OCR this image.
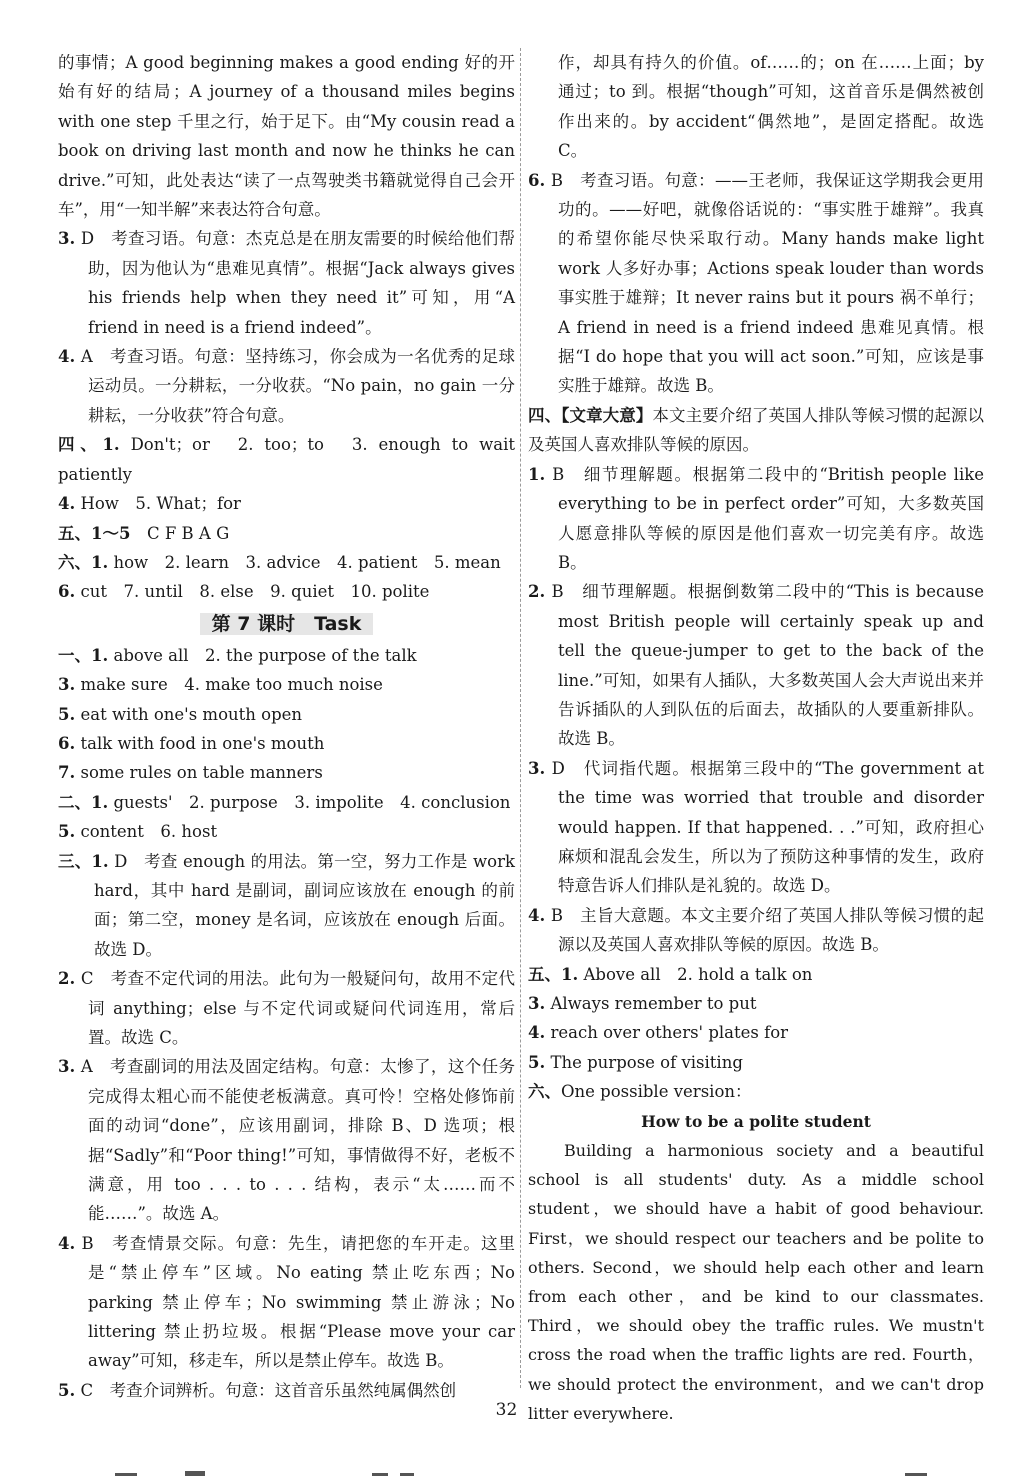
的事情；A good beginning makes a good ending 好的开始有好的结局；A journey of a thousand miles begins with one step 千里之行，始于足下。由“My cousin read a book on driving last month and now he thinks he can drive.”可知，此处表达“读了一点驾驶类书籍就觉得自己会开车”，用“一知半解”来表达符合句意。

3. D　考查习语。句意：杰克总是在朋友需要的时候给他们帮助，因为他认为“患难见真情”。根据“Jack always gives his friends help when they need it”可知，用“A friend in need is a friend indeed”。

4. A　考查习语。句意：坚持练习，你会成为一名优秀的足球运动员。一分耕耘，一分收获。“No pain，no gain 一分耕耘，一分收获”符合句意。

四、1. Don't；or　2. too；to　3. enough to wait patiently

4. How　5. What；for

五、1～5　C F B A G

六、1. how　2. learn　3. advice　4. patient　5. mean

6. cut　7. until　8. else　9. quiet　10. polite

第 7 课时　Task

一、1. above all　2. the purpose of the talk

3. make sure　4. make too much noise

5. eat with one's mouth open

6. talk with food in one's mouth

7. some rules on table manners

二、1. guests'　2. purpose　3. impolite　4. conclusion

5. content　6. host

三、1. D　考查 enough 的用法。第一空，努力工作是 work hard，其中 hard 是副词，副词应该放在 enough 的前面；第二空，money 是名词，应该放在 enough 后面。故选 D。

2. C　考查不定代词的用法。此句为一般疑问句，故用不定代词 anything；else 与不定代词或疑问代词连用，常后置。故选 C。

3. A　考查副词的用法及固定结构。句意：太惨了，这个任务完成得太粗心而不能使老板满意。真可怜！空格处修饰前面的动词“done”，应该用副词，排除 B、D 选项；根据“Sadly”和“Poor thing!”可知，事情做得不好，老板不满意，用 too . . . to . . . 结构，表示“太……而不能……”。故选 A。

4. B　考查情景交际。句意：先生，请把您的车开走。这里是“禁止停车”区域。No eating 禁止吃东西；No parking 禁止停车；No swimming 禁止游泳；No littering 禁止扔垃圾。根据“Please move your car away”可知，移走车，所以是禁止停车。故选 B。

5. C　考查介词辨析。句意：这首音乐虽然纯属偶然创

作，却具有持久的价值。of……的；on 在……上面；by 通过；to 到。根据“though”可知，这首音乐是偶然被创作出来的。by accident“偶然地”，是固定搭配。故选 C。

6. B　考查习语。句意：——王老师，我保证这学期我会更用功的。——好吧，就像俗话说的：“事实胜于雄辩”。我真的希望你能尽快采取行动。Many hands make light work 人多好办事；Actions speak louder than words 事实胜于雄辩；It never rains but it pours 祸不单行；A friend in need is a friend indeed 患难见真情。根据“I do hope that you will act soon.”可知，应该是事实胜于雄辩。故选 B。

四、【文章大意】本文主要介绍了英国人排队等候习惯的起源以及英国人喜欢排队等候的原因。

1. B　细节理解题。根据第二段中的“British people like everything to be in perfect order”可知，大多数英国人愿意排队等候的原因是他们喜欢一切完美有序。故选 B。

2. B　细节理解题。根据倒数第二段中的“This is because most British people will certainly speak up and tell the queue-jumper to get to the back of the line.”可知，如果有人插队，大多数英国人会大声说出来并告诉插队的人到队伍的后面去，故插队的人要重新排队。故选 B。

3. D　代词指代题。根据第三段中的“The government at the time was worried that trouble and disorder would happen. If that happened. . .”可知，政府担心麻烦和混乱会发生，所以为了预防这种事情的发生，政府特意告诉人们排队是礼貌的。故选 D。

4. B　主旨大意题。本文主要介绍了英国人排队等候习惯的起源以及英国人喜欢排队等候的原因。故选 B。

五、1. Above all　2. hold a talk on

3. Always remember to put

4. reach over others' plates for

5. The purpose of visiting

六、One possible version：

How to be a polite student

Building a harmonious society and a beautiful school is all students' duty. As a middle school student，we should have a habit of good behaviour. First，we should respect our teachers and be polite to others. Second，we should help each other and learn from each other，and be kind to our classmates. Third，we should obey the traffic rules. We mustn't cross the road when the traffic lights are red. Fourth，we should protect the environment，and we can't drop litter everywhere.

32
